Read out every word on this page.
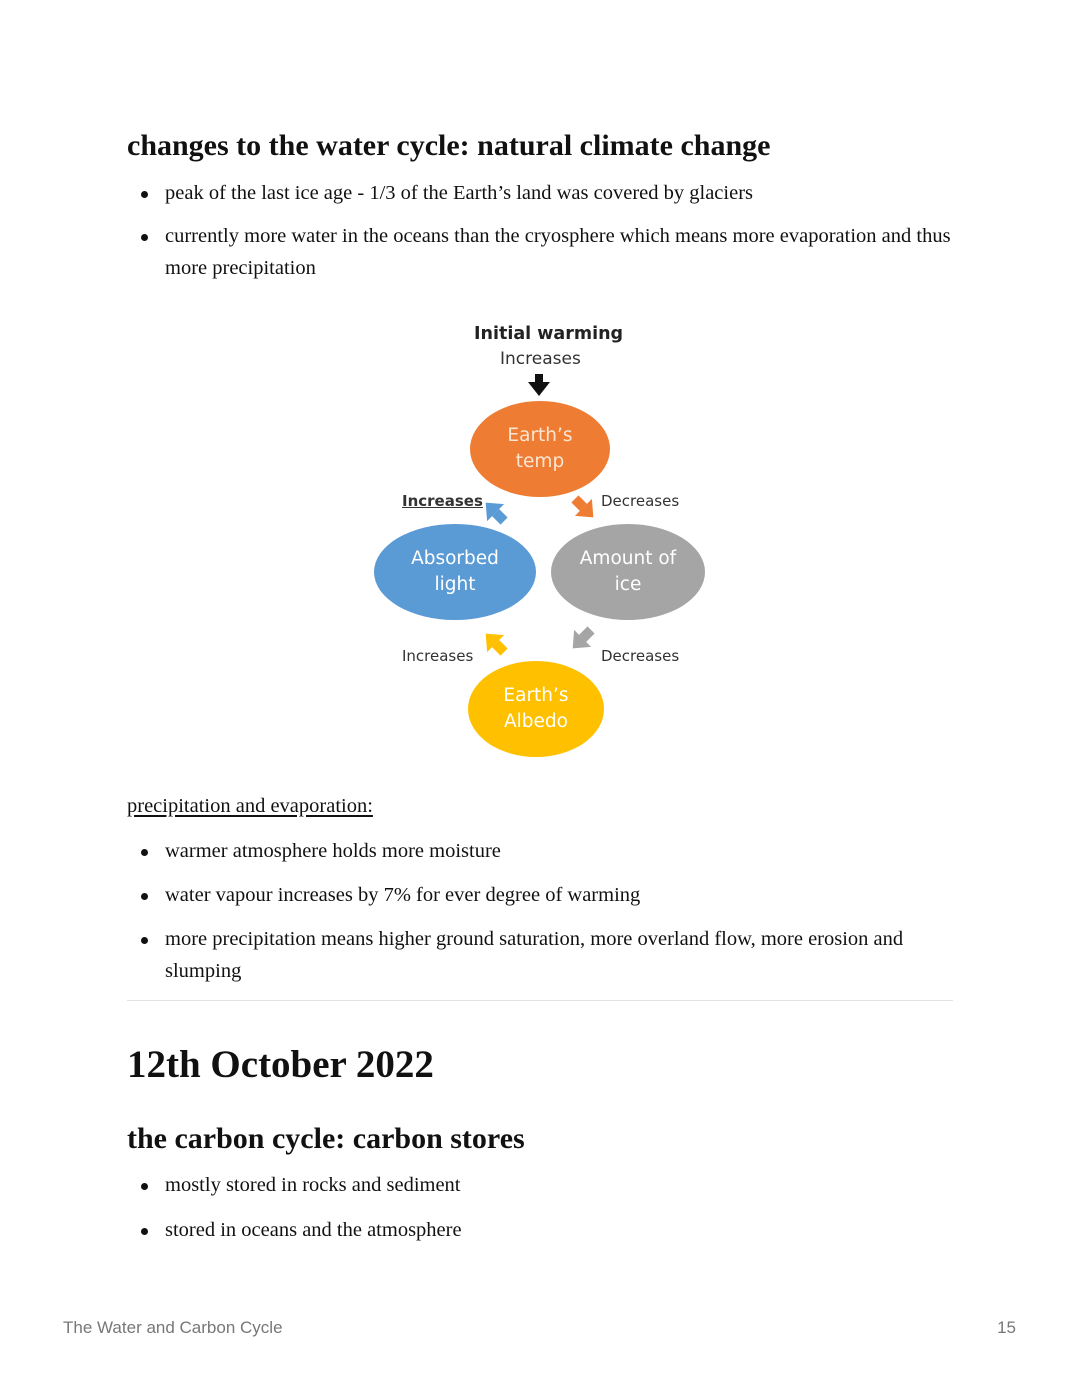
changes to the water cycle: natural climate change
peak of the last ice age - 1/3 of the Earth’s land was covered by glaciers
currently more water in the oceans than the cryosphere which means more evaporation and thus more precipitation
precipitation and evaporation:
warmer atmosphere holds more moisture
water vapour increases by 7% for ever degree of warming
more precipitation means higher ground saturation, more overland flow, more erosion and slumping
12th October 2022
the carbon cycle: carbon stores
mostly stored in rocks and sediment
stored in oceans and the atmosphere
Initial warming
Increases
Earth’s
temp
Absorbed
light
Amount of
ice
Earth’s
Albedo
Increases	Decreases
Increases	Decreases
The Water and Carbon Cycle	15
